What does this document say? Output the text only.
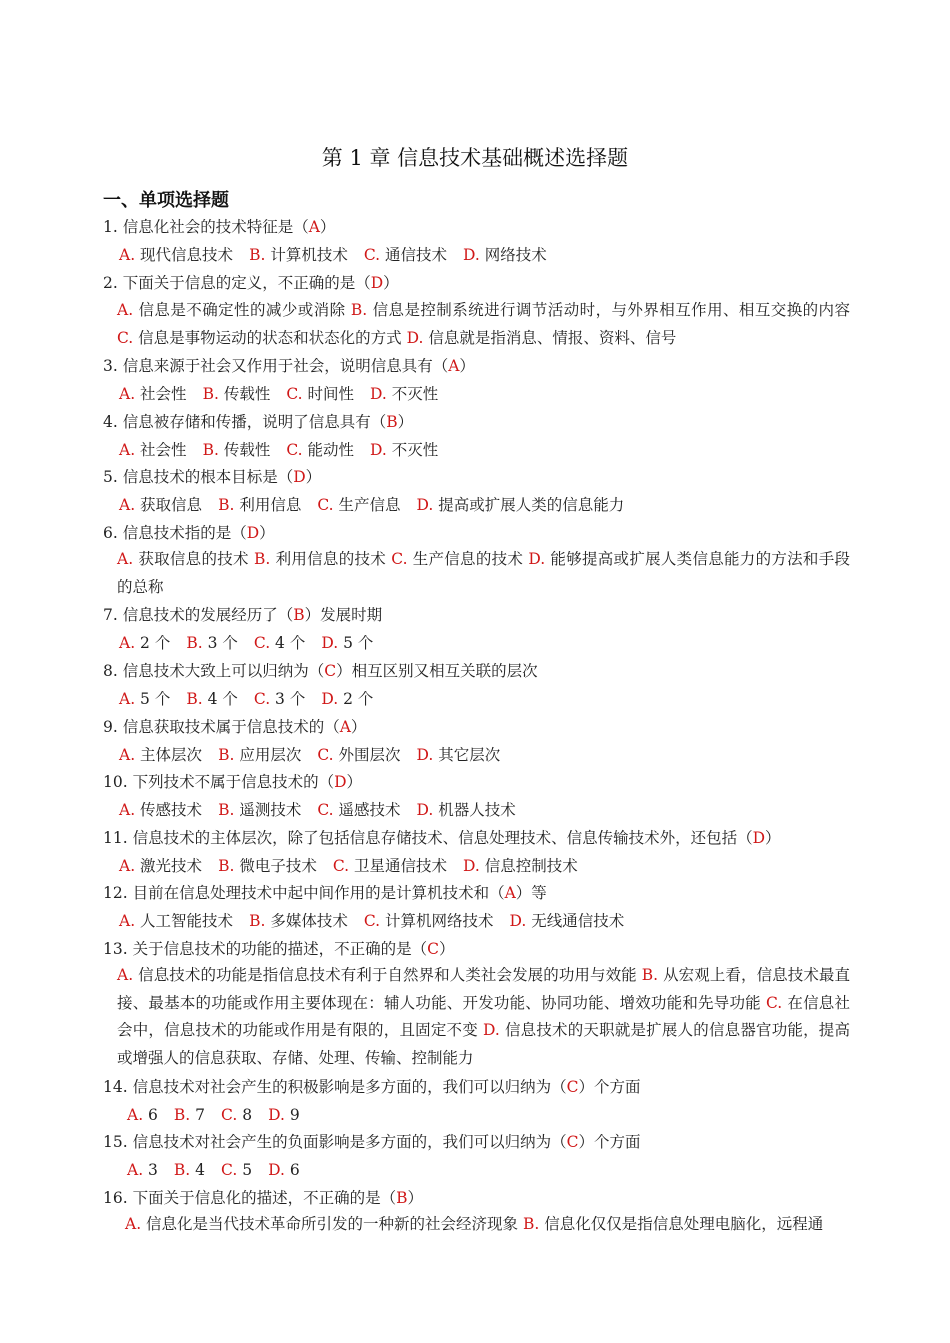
第 1 章 信息技术基础概述选择题
一、单项选择题
1. 信息化社会的技术特征是（A）
A. 现代信息技术 B. 计算机技术 C. 通信技术 D. 网络技术
2. 下面关于信息的定义，不正确的是（D）
A. 信息是不确定性的减少或消除 B. 信息是控制系统进行调节活动时，与外界相互作用、相互交换的内容 C. 信息是事物运动的状态和状态化的方式 D. 信息就是指消息、情报、资料、信号
3. 信息来源于社会又作用于社会，说明信息具有（A）
A. 社会性 B. 传载性 C. 时间性 D. 不灭性
4. 信息被存储和传播，说明了信息具有（B）
A. 社会性 B. 传载性 C. 能动性 D. 不灭性
5. 信息技术的根本目标是（D）
A. 获取信息 B. 利用信息 C. 生产信息 D. 提高或扩展人类的信息能力
6. 信息技术指的是（D）
A. 获取信息的技术 B. 利用信息的技术 C. 生产信息的技术 D. 能够提高或扩展人类信息能力的方法和手段的总称
7. 信息技术的发展经历了（B）发展时期
A. 2 个 B. 3 个 C. 4 个 D. 5 个
8. 信息技术大致上可以归纳为（C）相互区别又相互关联的层次
A. 5 个 B. 4 个 C. 3 个 D. 2 个
9. 信息获取技术属于信息技术的（A）
A. 主体层次 B. 应用层次 C. 外围层次 D. 其它层次
10. 下列技术不属于信息技术的（D）
A. 传感技术 B. 遥测技术 C. 遥感技术 D. 机器人技术
11. 信息技术的主体层次，除了包括信息存储技术、信息处理技术、信息传输技术外，还包括（D）
A. 激光技术 B. 微电子技术 C. 卫星通信技术 D. 信息控制技术
12. 目前在信息处理技术中起中间作用的是计算机技术和（A）等
A. 人工智能技术 B. 多媒体技术 C. 计算机网络技术 D. 无线通信技术
13. 关于信息技术的功能的描述，不正确的是（C）
A. 信息技术的功能是指信息技术有利于自然界和人类社会发展的功用与效能 B. 从宏观上看，信息技术最直接、最基本的功能或作用主要体现在：辅人功能、开发功能、协同功能、增效功能和先导功能 C. 在信息社会中，信息技术的功能或作用是有限的，且固定不变 D. 信息技术的天职就是扩展人的信息器官功能，提高或增强人的信息获取、存储、处理、传输、控制能力
14. 信息技术对社会产生的积极影响是多方面的，我们可以归纳为（C）个方面
A. 6 B. 7 C. 8 D. 9
15. 信息技术对社会产生的负面影响是多方面的，我们可以归纳为（C）个方面
A. 3 B. 4 C. 5 D. 6
16. 下面关于信息化的描述，不正确的是（B）
A. 信息化是当代技术革命所引发的一种新的社会经济现象 B. 信息化仅仅是指信息处理电脑化，远程通
